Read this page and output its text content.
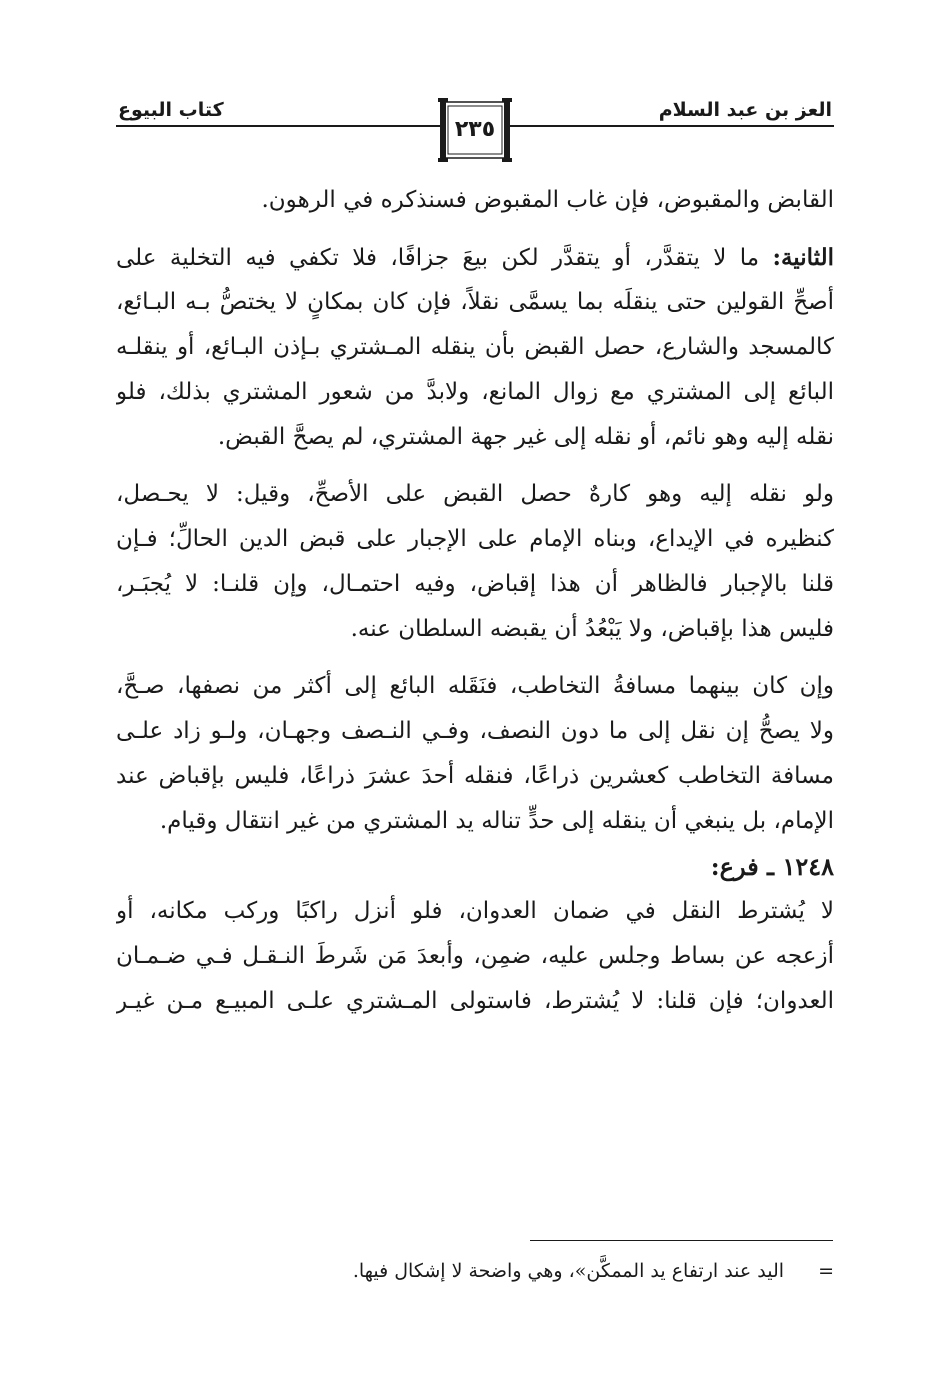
كتاب البيوع	العز بن عبد السلام
٢٣٥
القابض والمقبوض، فإن غاب المقبوض فسنذكره في الرهون.
الثانية: ما لا يتقدَّر، أو يتقدَّر لكن بيعَ جزافًا، فلا تكفي فيه التخلية على
أصحِّ القولين حتى ينقلَه بما يسمَّى نقلاً، فإن كان بمكانٍ لا يختصُّ بـه البـائع،
كالمسجد والشارع، حصل القبض بأن ينقله المـشتري بـإذن البـائع، أو ينقلـه
البائع إلى المشتري مع زوال المانع، ولابدَّ من شعور المشتري بذلك، فلو
نقله إليه وهو نائم، أو نقله إلى غير جهة المشتري، لم يصحَّ القبض.
ولو نقله إليه وهو كارهٌ حصل القبض على الأصحِّ، وقيل: لا يحـصل،
كنظيره في الإيداع، وبناه الإمام على الإجبار على قبض الدين الحالِّ؛ فـإن
قلنا بالإجبار فالظاهر أن هذا إقباض، وفيه احتمـال، وإن قلنـا: لا يُجبَـر،
فليس هذا بإقباض، ولا يَبْعُدُ أن يقبضه السلطان عنه.
وإن كان بينهما مسافةُ التخاطب، فنَقَله البائع إلى أكثر من نصفها، صـحَّ،
ولا يصحُّ إن نقل إلى ما دون النصف، وفـي النـصف وجهـان، ولـو زاد علـى
مسافة التخاطب كعشرين ذراعًا، فنقله أحدَ عشرَ ذراعًا، فليس بإقباض عند
الإمام، بل ينبغي أن ينقله إلى حدٍّ تناله يد المشتري من غير انتقال وقيام.
١٢٤٨ ـ فرع:
لا يُشترط النقل في ضمان العدوان، فلو أنزل راكبًا وركب مكانه، أو
أزعجه عن بساط وجلس عليه، ضمِن، وأبعدَ مَن شَرطَ النـقـل فـي ضـمـان
العدوان؛ فإن قلنا: لا يُشترط، فاستولى المـشتري علـى المبيـع مـن غيـر
=اليد عند ارتفاع يد الممكَّن»، وهي واضحة لا إشكال فيها.
